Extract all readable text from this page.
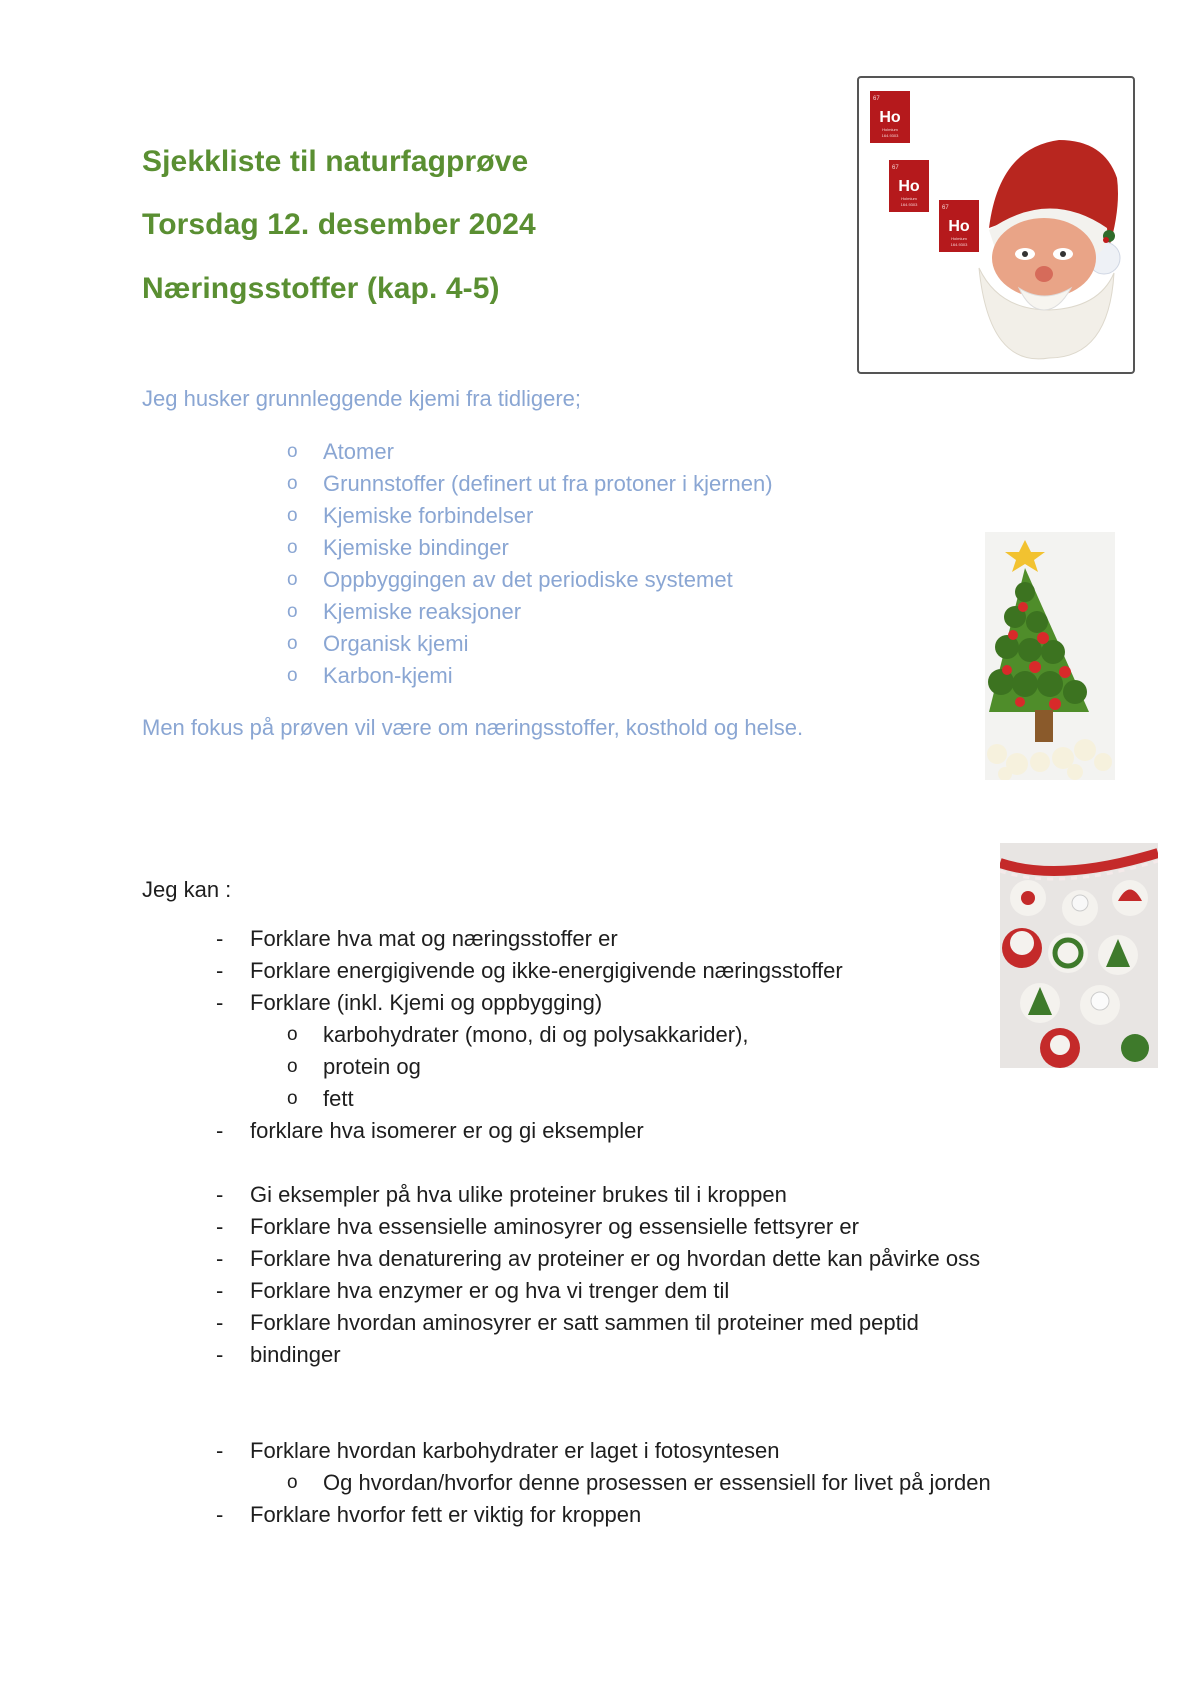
Sjekkliste til naturfagprøve
Torsdag 12. desember 2024
Næringsstoffer (kap. 4-5)
67
Ho
Holmium
164.9303
67
Ho
Holmium
164.9303
67
Ho
Holmium
164.9303

Jeg husker grunnleggende kjemi fra tidligere;

o Atomer
o Grunnstoffer (definert ut fra protoner i kjernen)
o Kjemiske forbindelser
o Kjemiske bindinger
o Oppbyggingen av det periodiske systemet
o Kjemiske reaksjoner
o Organisk kjemi
o Karbon-kjemi

Men fokus på prøven vil være om næringsstoffer, kosthold og helse.

Jeg kan :

- Forklare hva mat og næringsstoffer er
- Forklare energigivende og ikke-energigivende næringsstoffer
- Forklare (inkl. Kjemi og oppbygging)
o karbohydrater (mono, di og polysakkarider),
o protein og
o fett
- forklare hva isomerer er og gi eksempler
- Gi eksempler på hva ulike proteiner brukes til i kroppen
- Forklare hva essensielle aminosyrer og essensielle fettsyrer er
- Forklare hva denaturering av proteiner er og hvordan dette kan påvirke oss
- Forklare hva enzymer er og hva vi trenger dem til
- Forklare hvordan aminosyrer er satt sammen til proteiner med peptid
- bindinger
- Forklare hvordan karbohydrater er laget i fotosyntesen
o Og hvordan/hvorfor denne prosessen er essensiell for livet på jorden
- Forklare hvorfor fett er viktig for kroppen
